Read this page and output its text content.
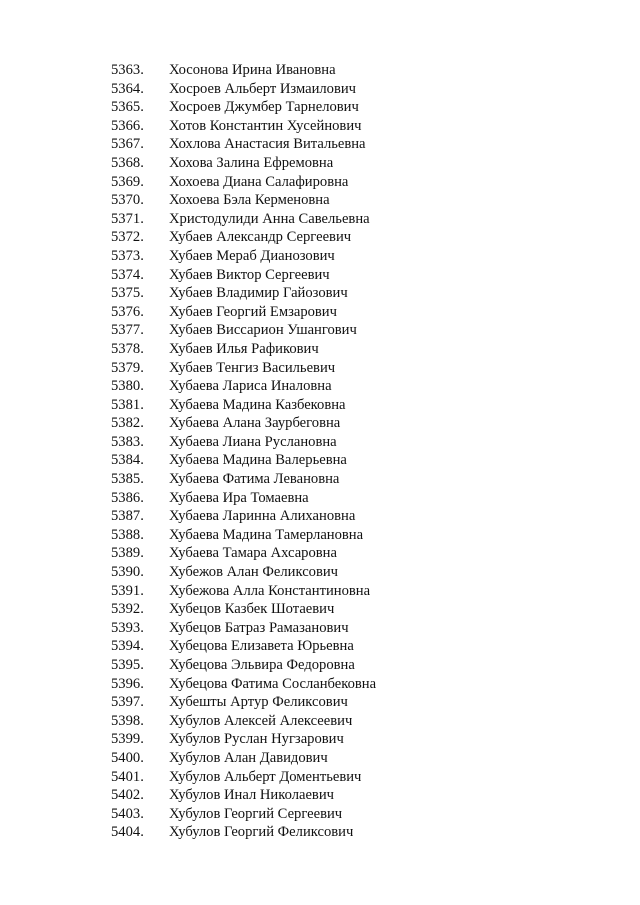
5363. Хосонова Ирина Ивановна
5364. Хосроев Альберт Измаилович
5365. Хосроев Джумбер Тарнелович
5366. Хотов Константин Хусейнович
5367. Хохлова Анастасия Витальевна
5368. Хохова Залина Ефремовна
5369. Хохоева Диана Салафировна
5370. Хохоева Бэла Керменовна
5371. Христодулиди Анна Савельевна
5372. Хубаев Александр Сергеевич
5373. Хубаев Мераб Дианозович
5374. Хубаев Виктор Сергеевич
5375. Хубаев Владимир Гайозович
5376. Хубаев Георгий Емзарович
5377. Хубаев Виссарион Ушангович
5378. Хубаев Илья Рафикович
5379. Хубаев Тенгиз Васильевич
5380. Хубаева Лариса Иналовна
5381. Хубаева Мадина Казбековна
5382. Хубаева Алана Заурбеговна
5383. Хубаева Лиана Руслановна
5384. Хубаева Мадина Валерьевна
5385. Хубаева Фатима Левановна
5386. Хубаева Ира Томаевна
5387. Хубаева Ларинна Алихановна
5388. Хубаева Мадина Тамерлановна
5389. Хубаева Тамара Ахсаровна
5390. Хубежов Алан Феликсович
5391. Хубежова Алла Константиновна
5392. Хубецов Казбек Шотаевич
5393. Хубецов Батраз Рамазанович
5394. Хубецова Елизавета Юрьевна
5395. Хубецова Эльвира Федоровна
5396. Хубецова Фатима Сосланбековна
5397. Хубешты Артур Феликсович
5398. Хубулов Алексей Алексеевич
5399. Хубулов Руслан Нугзарович
5400. Хубулов Алан Давидович
5401. Хубулов Альберт Доментьевич
5402. Хубулов Инал Николаевич
5403. Хубулов Георгий Сергеевич
5404. Хубулов Георгий Феликсович
